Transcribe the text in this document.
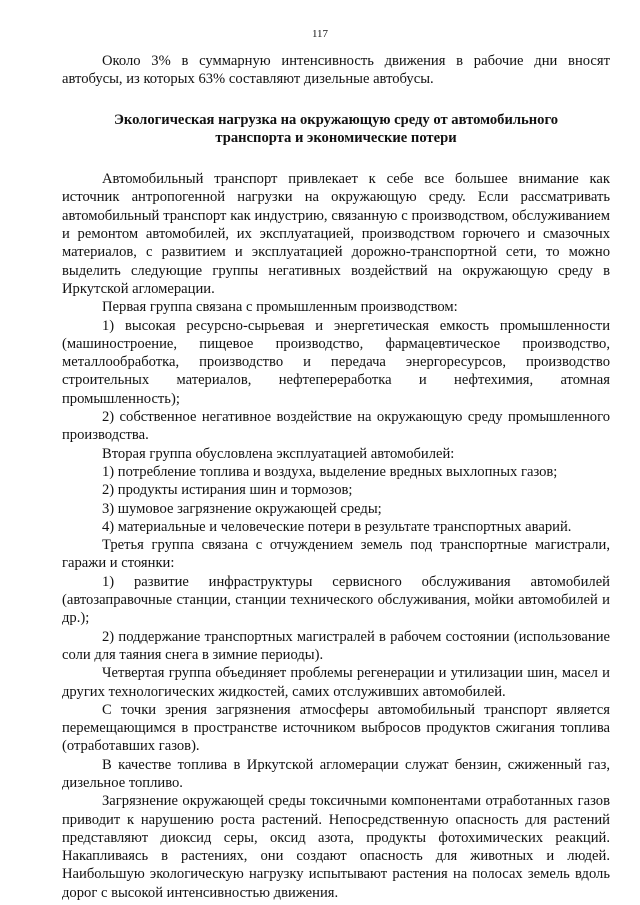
117

Около 3% в суммарную интенсивность движения в рабочие дни вносят автобусы, из которых 63% составляют дизельные автобусы.

Экологическая нагрузка на окружающую среду от автомобильного
транспорта и экономические потери

Автомобильный транспорт привлекает к себе все большее внимание как источник антропогенной нагрузки на окружающую среду. Если рассматривать автомобильный транспорт как индустрию, связанную с производством, обслуживанием и ремонтом автомобилей, их эксплуатацией, производством горючего и смазочных материалов, с развитием и эксплуатацией дорожно-транспортной сети, то можно выделить следующие группы негативных воздействий на окружающую среду в Иркутской агломерации.

Первая группа связана с промышленным производством:

1) высокая ресурсно-сырьевая и энергетическая емкость промышленности (машиностроение, пищевое производство, фармацевтическое производство, металлообработка, производство и передача энергоресурсов, производство строительных материалов, нефтепереработка и нефтехимия, атомная промышленность);

2) собственное негативное воздействие на окружающую среду промышленного производства.

Вторая группа обусловлена эксплуатацией автомобилей:

1) потребление топлива и воздуха, выделение вредных выхлопных газов;

2) продукты истирания шин и тормозов;

3) шумовое загрязнение окружающей среды;

4) материальные и человеческие потери в результате транспортных аварий.

Третья группа связана с отчуждением земель под транспортные магистрали, гаражи и стоянки:

1) развитие инфраструктуры сервисного обслуживания автомобилей (автозаправочные станции, станции технического обслуживания, мойки автомобилей и др.);

2) поддержание транспортных магистралей в рабочем состоянии (использование соли для таяния снега в зимние периоды).

Четвертая группа объединяет проблемы регенерации и утилизации шин, масел и других технологических жидкостей, самих отслуживших автомобилей.

С точки зрения загрязнения атмосферы автомобильный транспорт является перемещающимся в пространстве источником выбросов продуктов сжигания топлива (отработавших газов).

В качестве топлива в Иркутской агломерации служат бензин, сжиженный газ, дизельное топливо.

Загрязнение окружающей среды токсичными компонентами отработанных газов приводит к нарушению роста растений. Непосредственную опасность для растений представляют диоксид серы, оксид азота, продукты фотохимических реакций. Накапливаясь в растениях, они создают опасность для животных и людей. Наибольшую экологическую нагрузку испытывают растения на полосах земель вдоль дорог с высокой интенсивностью движения.
